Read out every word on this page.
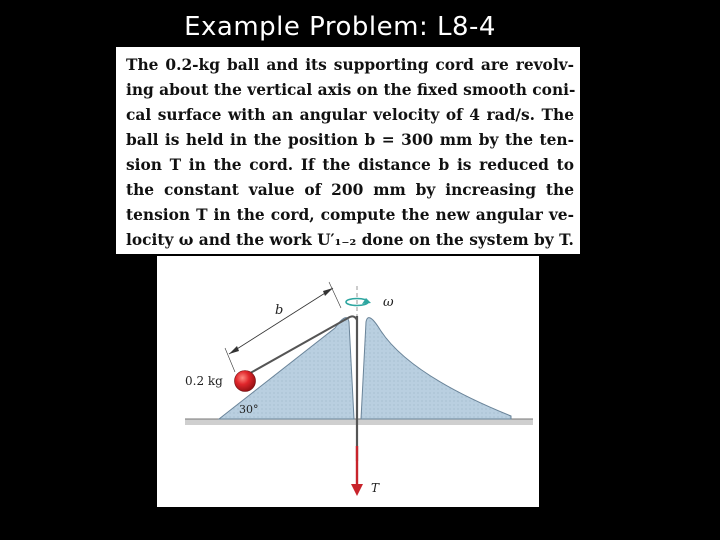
Example Problem: L8-4
The 0.2-kg ball and its supporting cord are revolv-
ing about the vertical axis on the fixed smooth coni-
cal surface with an angular velocity of 4 rad/s. The
ball is held in the position b = 300 mm by the ten-
sion T in the cord. If the distance b is reduced to
the constant value of 200 mm by increasing the
tension T in the cord, compute the new angular ve-
locity ω and the work U′₁₋₂ done on the system by T.
b
ω
0.2 kg
30°
T
